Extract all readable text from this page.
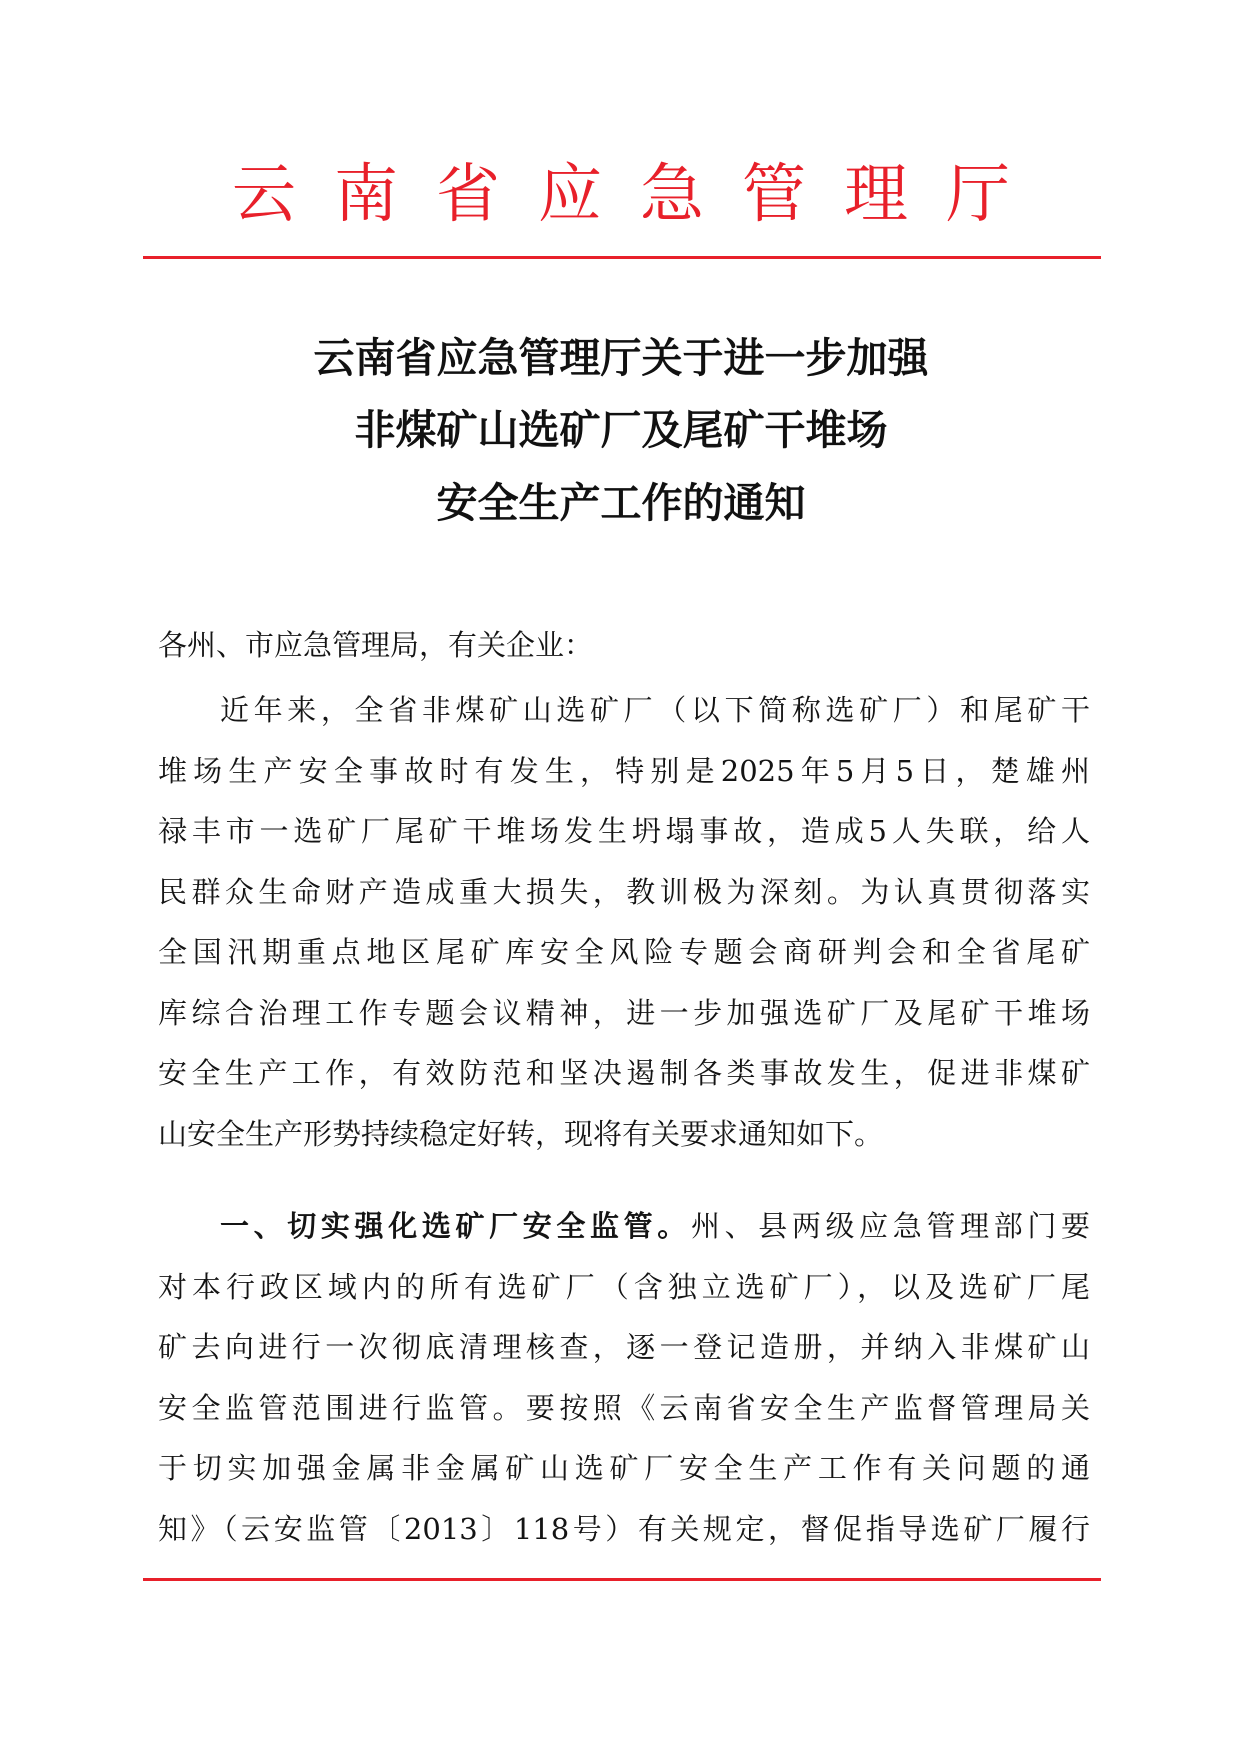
云南省应急管理厅
云南省应急管理厅关于进一步加强
非煤矿山选矿厂及尾矿干堆场
安全生产工作的通知
各州、市应急管理局，有关企业：
近年来，全省非煤矿山选矿厂（以下简称选矿厂）和尾矿干
堆场生产安全事故时有发生，特别是2025年5月5日，楚雄州
禄丰市一选矿厂尾矿干堆场发生坍塌事故，造成5人失联，给人
民群众生命财产造成重大损失，教训极为深刻。为认真贯彻落实
全国汛期重点地区尾矿库安全风险专题会商研判会和全省尾矿
库综合治理工作专题会议精神，进一步加强选矿厂及尾矿干堆场
安全生产工作，有效防范和坚决遏制各类事故发生，促进非煤矿
山安全生产形势持续稳定好转，现将有关要求通知如下。
一、切实强化选矿厂安全监管。州、县两级应急管理部门要
对本行政区域内的所有选矿厂（含独立选矿厂），以及选矿厂尾
矿去向进行一次彻底清理核查，逐一登记造册，并纳入非煤矿山
安全监管范围进行监管。要按照《云南省安全生产监督管理局关
于切实加强金属非金属矿山选矿厂安全生产工作有关问题的通
知》（云安监管〔2013〕118号）有关规定，督促指导选矿厂履行
